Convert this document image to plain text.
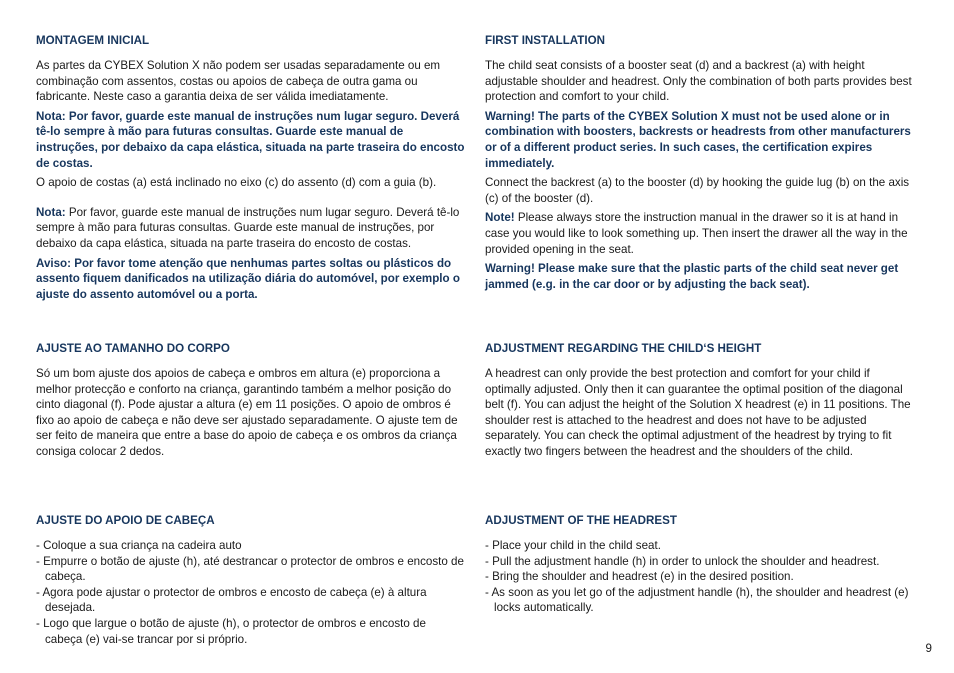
MONTAGEM INICIAL

As partes da CYBEX Solution X não podem ser usadas separadamente ou em combinação com assentos, costas ou apoios de cabeça de outra gama ou fabricante. Neste caso a garantia deixa de ser válida imediatamente.

Nota: Por favor, guarde este manual de instruções num lugar seguro. Deverá tê-lo sempre à mão para futuras consultas. Guarde este manual de instruções, por debaixo da capa elástica, situada na parte traseira do encosto de costas.

O apoio de costas (a) está inclinado no eixo (c) do assento (d) com a guia (b).

Nota: Por favor, guarde este manual de instruções num lugar seguro. Deverá tê-lo sempre à mão para futuras consultas. Guarde este manual de instruções, por debaixo da capa elástica, situada na parte traseira do encosto de costas.

Aviso: Por favor tome atenção que nenhumas partes soltas ou plásticos do assento fiquem danificados na utilização diária do automóvel, por exemplo o ajuste do assento automóvel ou a porta.

AJUSTE AO TAMANHO DO CORPO

Só um bom ajuste dos apoios de cabeça e ombros em altura (e) proporciona a melhor protecção e conforto na criança, garantindo também a melhor posição do cinto diagonal (f). Pode ajustar a altura (e) em 11 posições. O apoio de ombros é fixo ao apoio de cabeça e não deve ser ajustado separadamente. O ajuste tem de ser feito de maneira que entre a base do apoio de cabeça e os ombros da criança consiga colocar 2 dedos.

AJUSTE DO APOIO DE CABEÇA
- Coloque a sua criança na cadeira auto
- Empurre o botão de ajuste (h), até destrancar o protector de ombros e encosto de cabeça.
- Agora pode ajustar o protector de ombros e encosto de cabeça (e) à altura desejada.
- Logo que largue o botão de ajuste (h), o protector de ombros e encosto de cabeça (e) vai-se trancar por si próprio.
FIRST INSTALLATION

The child seat consists of a booster seat (d) and a backrest (a) with height adjustable shoulder and headrest. Only the combination of both parts provides best protection and comfort to your child.

Warning! The parts of the CYBEX Solution X must not be used alone or in combination with boosters, backrests or headrests from other manufacturers or of a different product series. In such cases, the certification expires immediately.

Connect the backrest (a) to the booster (d) by hooking the guide lug (b) on the axis (c) of the booster (d).

Note! Please always store the instruction manual in the drawer so it is at hand in case you would like to look something up. Then insert the drawer all the way in the provided opening in the seat.

Warning! Please make sure that the plastic parts of the child seat never get jammed (e.g. in the car door or by adjusting the back seat).

ADJUSTMENT REGARDING THE CHILD‘S HEIGHT

A headrest can only provide the best protection and comfort for your child if optimally adjusted. Only then it can guarantee the optimal position of the diagonal belt (f). You can adjust the height of the Solution X headrest (e) in 11 positions. The shoulder rest is attached to the headrest and does not have to be adjusted separately. You can check the optimal adjustment of the headrest by trying to fit exactly two fingers between the headrest and the shoulders of the child.

ADJUSTMENT OF THE HEADREST
- Place your child in the child seat.
- Pull the adjustment handle (h) in order to unlock the shoulder and headrest.
- Bring the shoulder and headrest (e) in the desired position.
- As soon as you let go of the adjustment handle (h), the shoulder and headrest (e) locks automatically.
9
